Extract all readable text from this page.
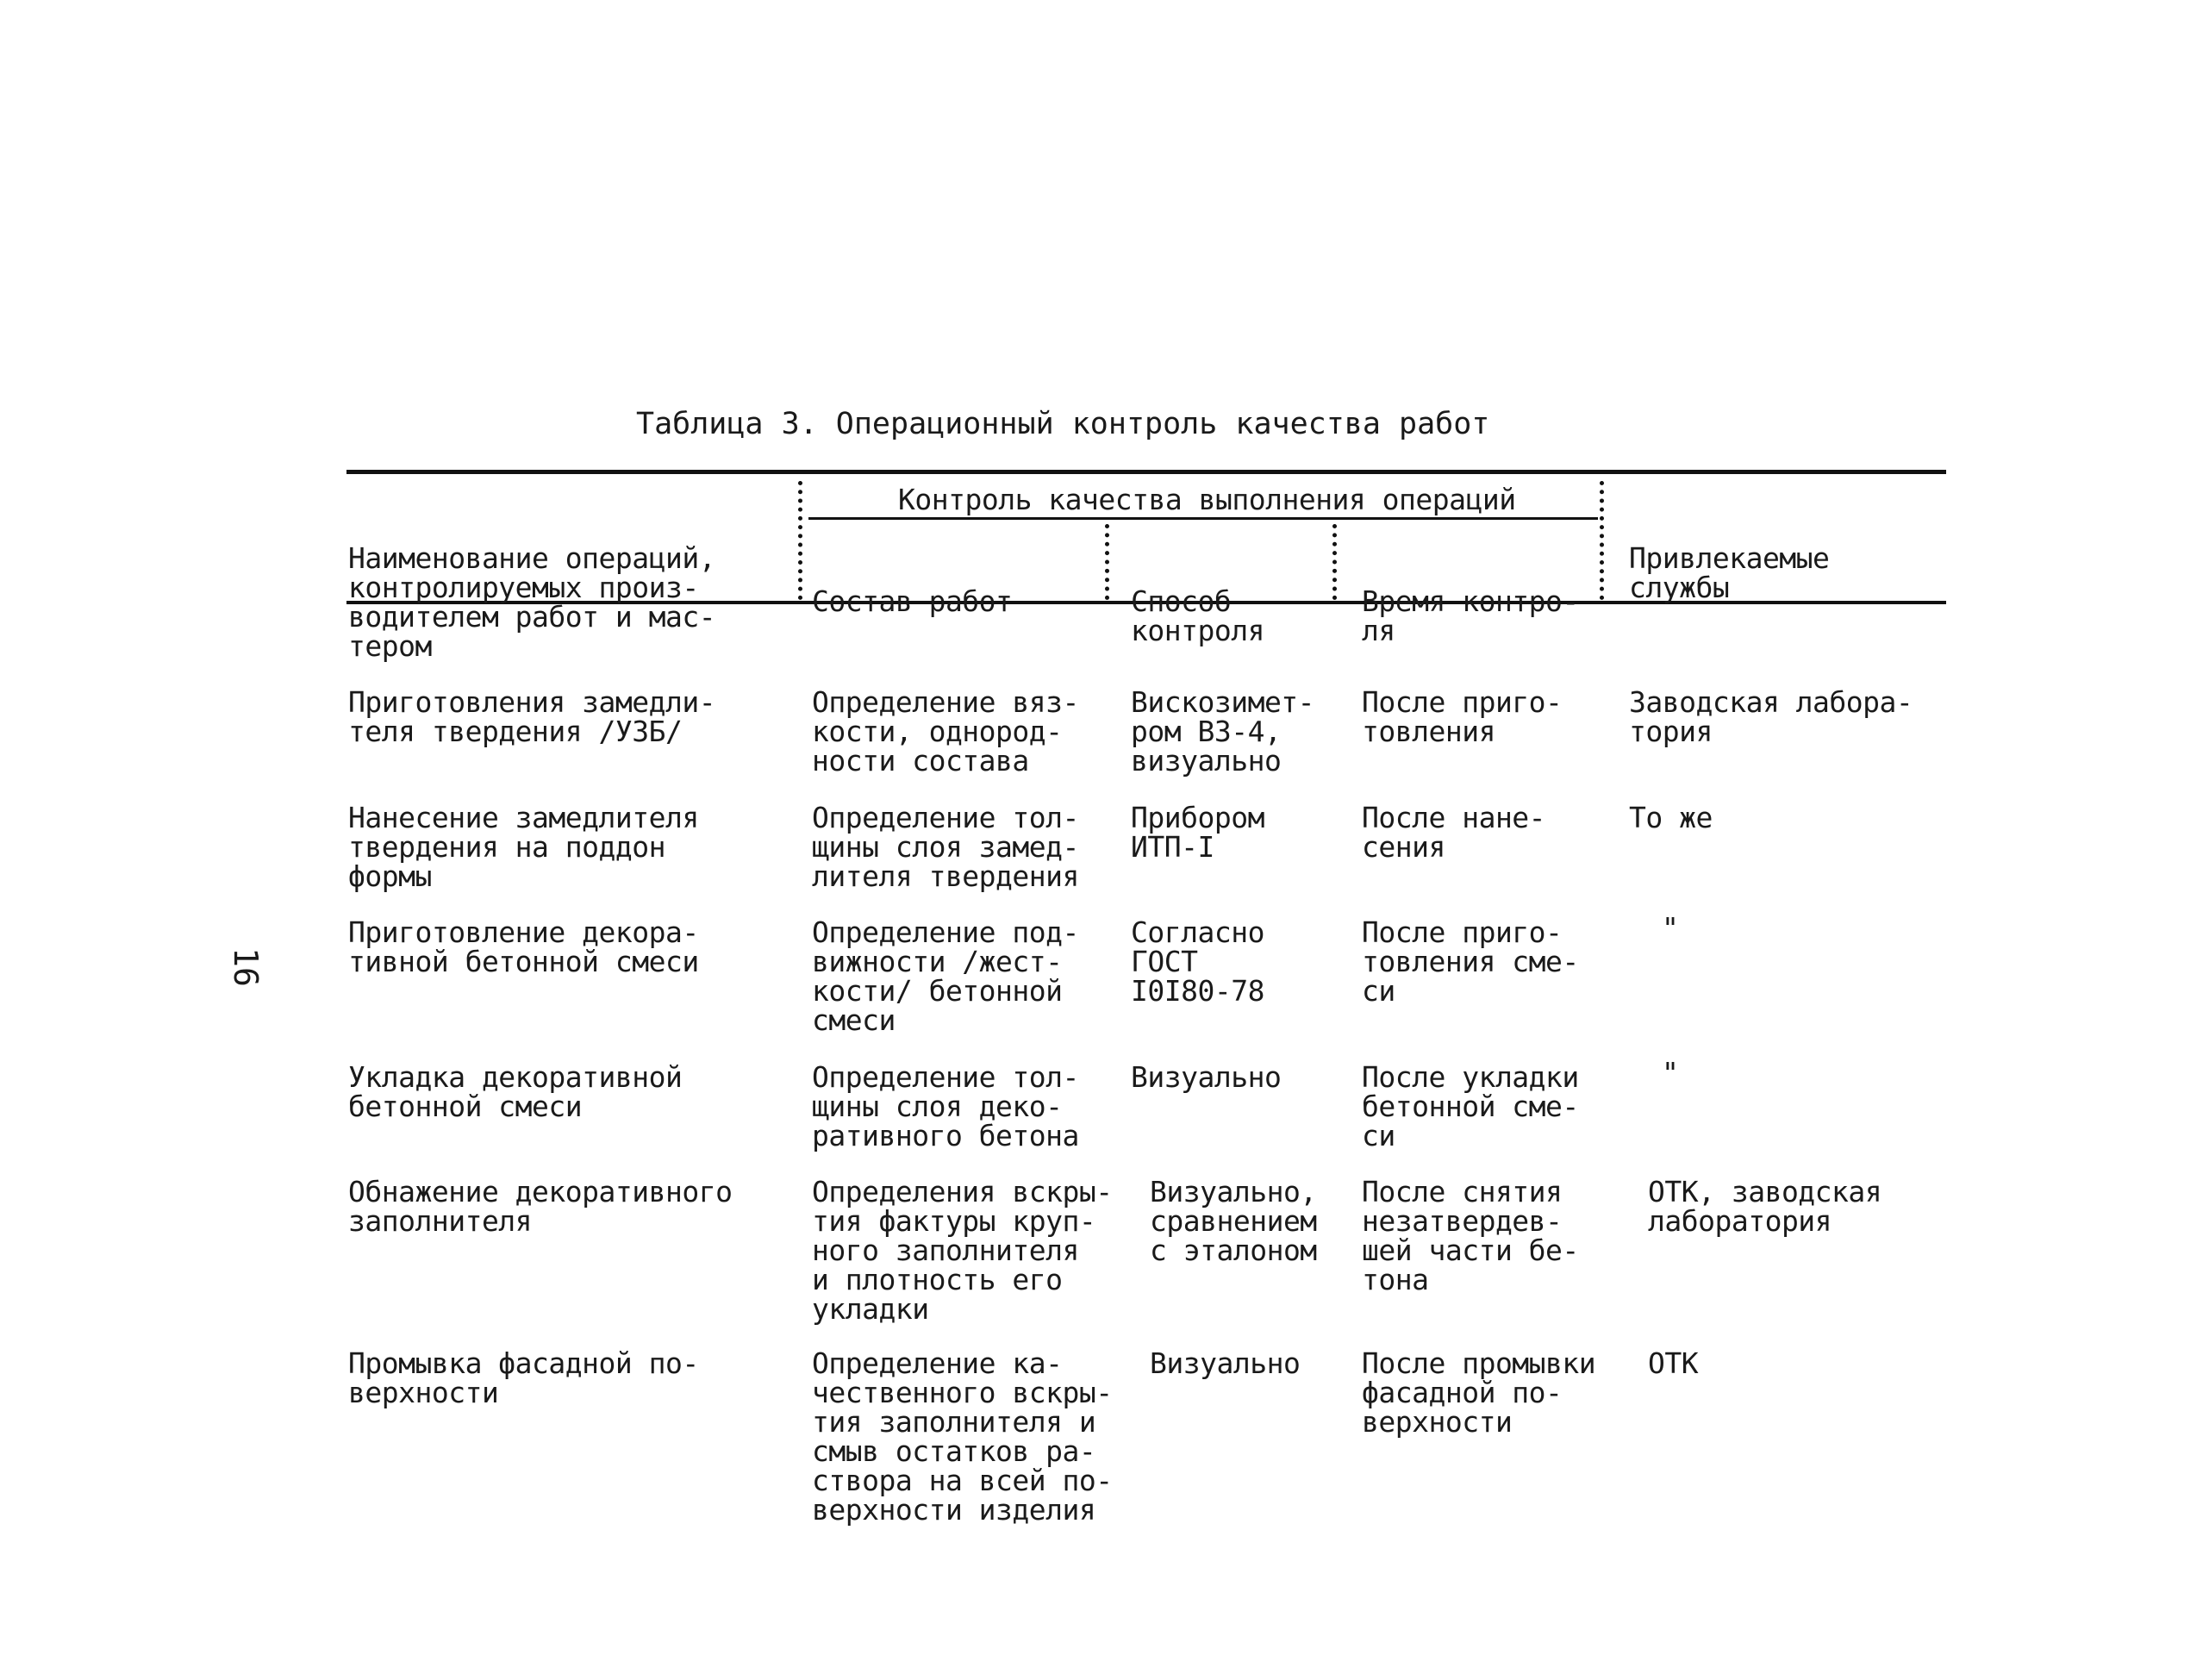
Таблица 3. Операционный контроль качества работ
16

Наименование операций,
контролируемых произ-
водителем работ и мас-
тером

Контроль качества выполнения операций

Состав работ

	Способ
контроля

Время контро-
ля

Привлекаемые
службы

Приготовления замедли-
теля твердения /УЗБ/

Определение вяз-
кости, однород-
ности состава

Вискозимет-
ром ВЗ-4,
визуально

После приго-
товления

Заводская лабора-
тория

Нанесение замедлителя
твердения на поддон
формы

Определение тол-
щины слоя замед-
лителя твердения

Прибором
ИТП-I

После нане-
сения

То же

Приготовление декора-
тивной бетонной смеси

Определение под-
вижности /жест-
кости/ бетонной
смеси

Согласно
ГОСТ
I0I80-78

После приго-
товления сме-
си

"

Укладка декоративной
бетонной смеси

Определение тол-
щины слоя деко-
ративного бетона

Визуально

	После укладки
бетонной сме-
си

"

Обнажение декоративного
заполнителя

Определения вскры-
тия фактуры круп-
ного заполнителя
и плотность его
укладки

Визуально,
сравнением
с эталоном

После снятия
незатвердев-
шей части бе-
тона

ОТК, заводская
лаборатория

Промывка фасадной по-
верхности

Определение ка-
чественного вскры-
тия заполнителя и
смыв остатков ра-
створа на всей по-
верхности изделия

Визуально

После промывки
фасадной по-
верхности

ОТК
